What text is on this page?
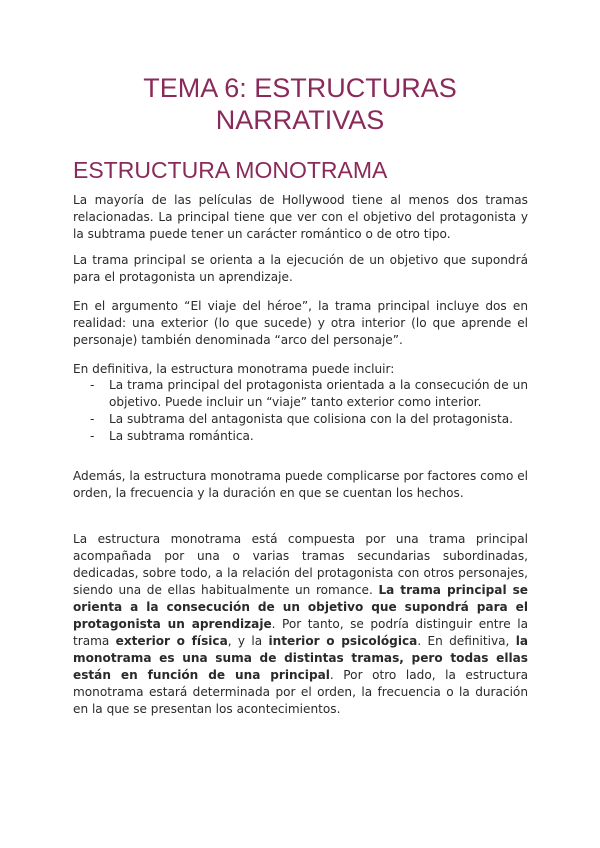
TEMA 6: ESTRUCTURAS
NARRATIVAS
ESTRUCTURA MONOTRAMA

La mayoría de las películas de Hollywood tiene al menos dos tramas relacionadas. La principal tiene que ver con el objetivo del protagonista y la subtrama puede tener un carácter romántico o de otro tipo.

La trama principal se orienta a la ejecución de un objetivo que supondrá para el protagonista un aprendizaje.

En el argumento “El viaje del héroe”, la trama principal incluye dos en realidad: una exterior (lo que sucede) y otra interior (lo que aprende el personaje) también denominada “arco del personaje”.

En definitiva, la estructura monotrama puede incluir:

- La trama principal del protagonista orientada a la consecución de un objetivo. Puede incluir un “viaje” tanto exterior como interior.
- La subtrama del antagonista que colisiona con la del protagonista.
- La subtrama romántica.

Además, la estructura monotrama puede complicarse por factores como el orden, la frecuencia y la duración en que se cuentan los hechos.

La estructura monotrama está compuesta por una trama principal acompañada por una o varias tramas secundarias subordinadas, dedicadas, sobre todo, a la relación del protagonista con otros personajes, siendo una de ellas habitualmente un romance. La trama principal se orienta a la consecución de un objetivo que supondrá para el protagonista un aprendizaje. Por tanto, se podría distinguir entre la trama exterior o física, y la interior o psicológica. En definitiva, la monotrama es una suma de distintas tramas, pero todas ellas están en función de una principal. Por otro lado, la estructura monotrama estará determinada por el orden, la frecuencia o la duración en la que se presentan los acontecimientos.
